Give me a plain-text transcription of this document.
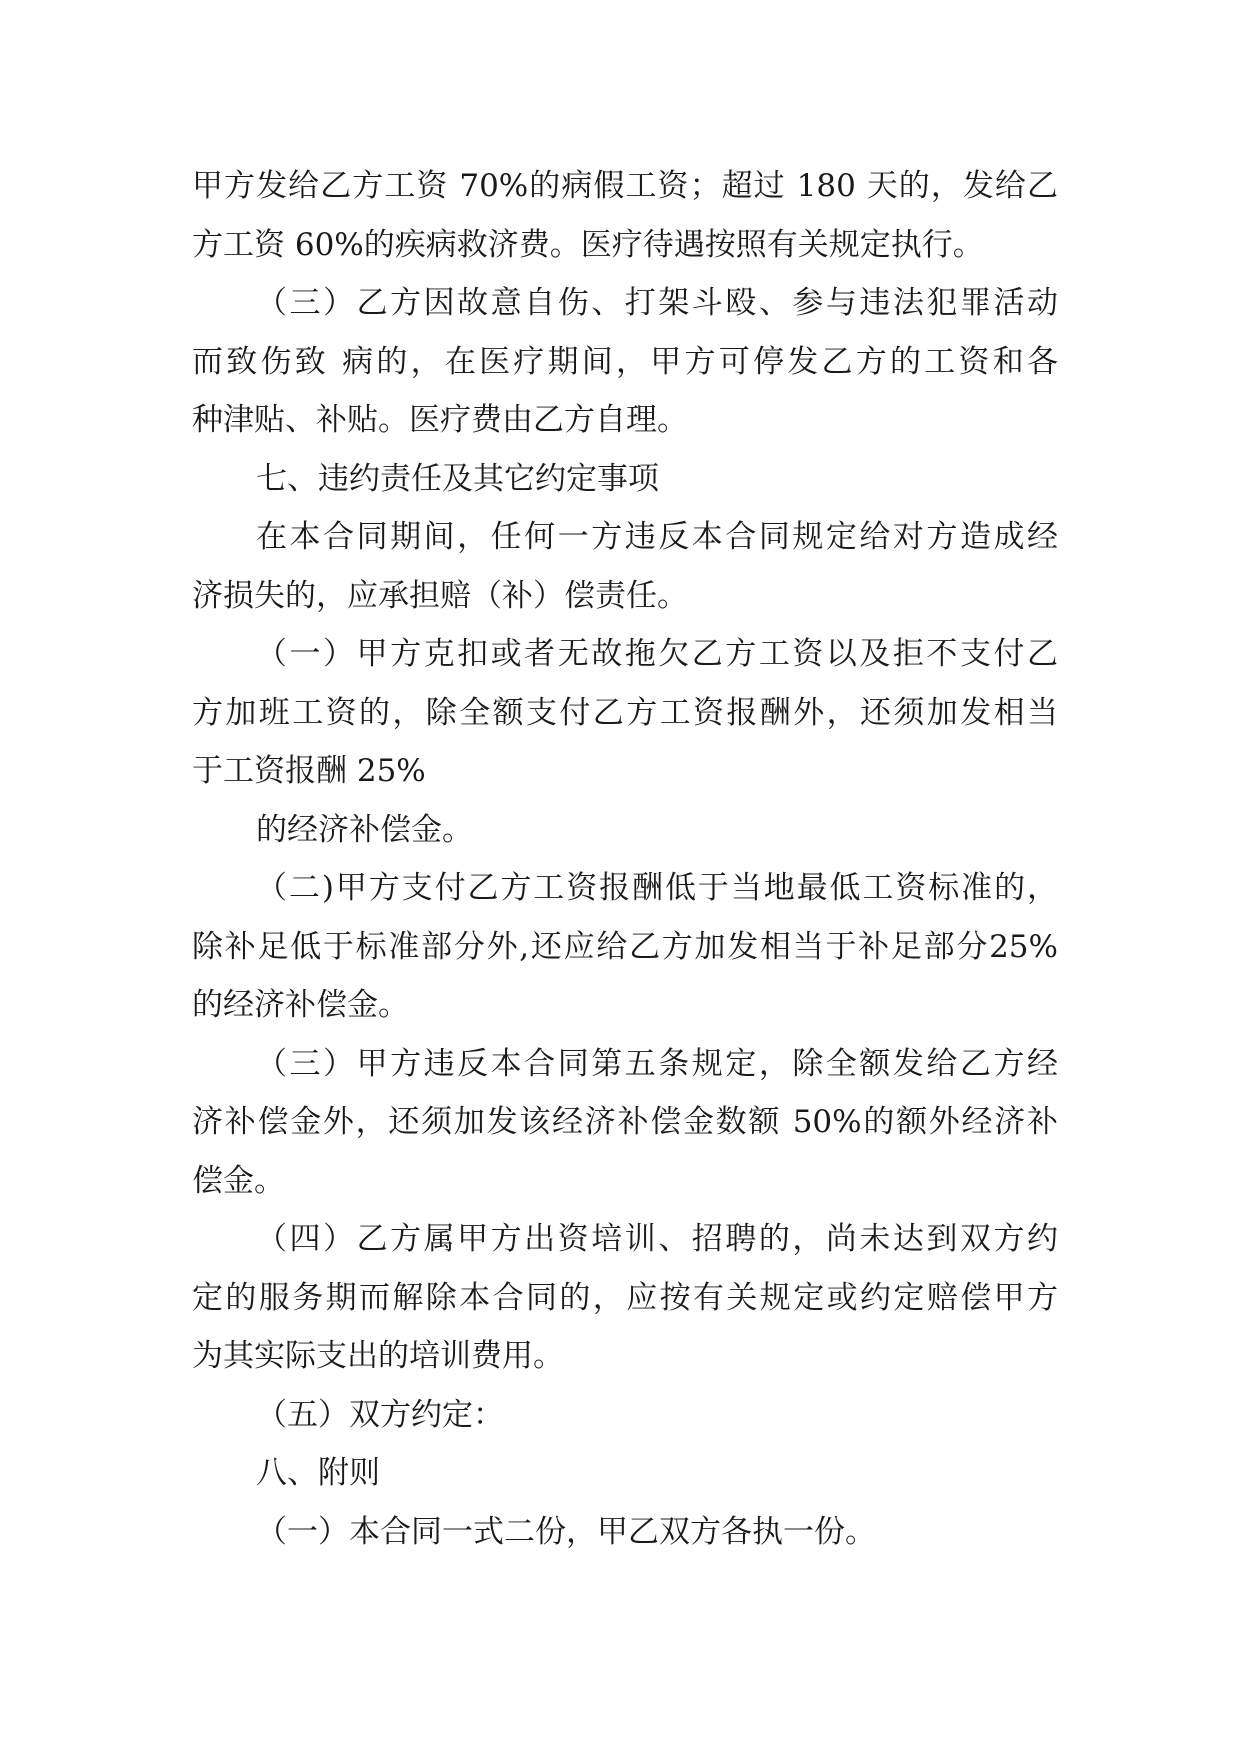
甲方发给乙方工资 70%的病假工资；超过 180 天的，发给乙
方工资 60%的疾病救济费。医疗待遇按照有关规定执行。
（三）乙方因故意自伤、打架斗殴、参与违法犯罪活动
而致伤致 病的，在医疗期间，甲方可停发乙方的工资和各
种津贴、补贴。医疗费由乙方自理。
七、违约责任及其它约定事项
在本合同期间，任何一方违反本合同规定给对方造成经
济损失的，应承担赔（补）偿责任。
（一）甲方克扣或者无故拖欠乙方工资以及拒不支付乙
方加班工资的，除全额支付乙方工资报酬外，还须加发相当
于工资报酬 25%
的经济补偿金。
（二)甲方支付乙方工资报酬低于当地最低工资标准的，
除补足低于标准部分外,还应给乙方加发相当于补足部分25%
的经济补偿金。
（三）甲方违反本合同第五条规定，除全额发给乙方经
济补偿金外，还须加发该经济补偿金数额 50%的额外经济补
偿金。
（四）乙方属甲方出资培训、招聘的，尚未达到双方约
定的服务期而解除本合同的，应按有关规定或约定赔偿甲方
为其实际支出的培训费用。
（五）双方约定：
八、附则
（一）本合同一式二份，甲乙双方各执一份。
